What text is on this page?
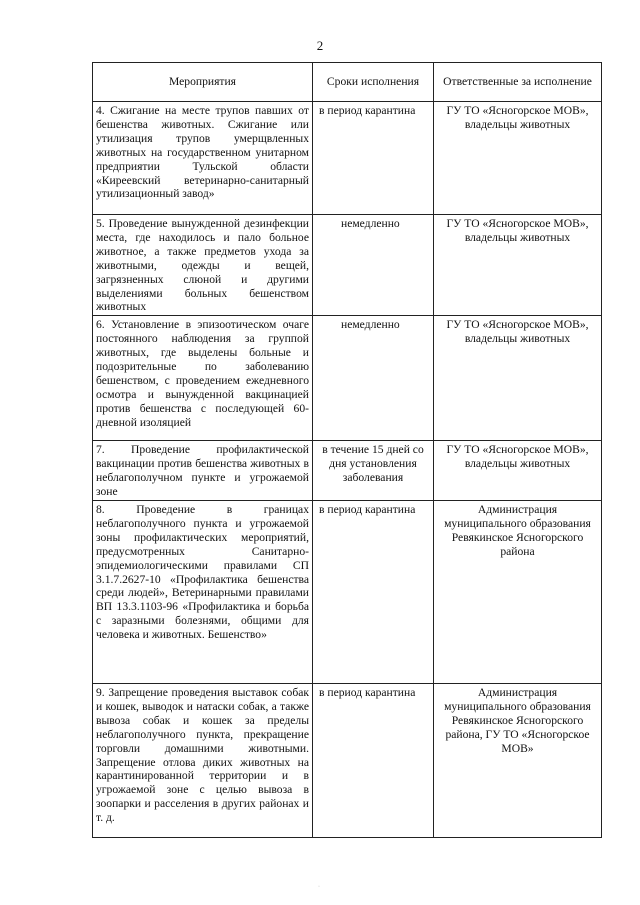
2
Мероприятия	Сроки исполнения	Ответственные за исполнение
4. Сжигание на месте трупов павших от бешенства животных. Сжигание или утилизация трупов умерщвленных животных на государственном унитарном предприятии Тульской области «Киреевский ветеринарно-санитарный утилизационный завод»	в период карантина	ГУ ТО «Ясногорское МОВ», владельцы животных
5. Проведение вынужденной дезинфекции места, где находилось и пало больное животное, а также предметов ухода за животными, одежды и вещей, загрязненных слюной и другими выделениями больных бешенством животных	немедленно	ГУ ТО «Ясногорское МОВ», владельцы животных
6. Установление в эпизоотическом очаге постоянного наблюдения за группой животных, где выделены больные и подозрительные по заболеванию бешенством, с проведением ежедневного осмотра и вынужденной вакцинацией против бешенства с последующей 60-дневной изоляцией	немедленно	ГУ ТО «Ясногорское МОВ», владельцы животных
7. Проведение профилактической вакцинации против бешенства животных в неблагополучном пункте и угрожаемой зоне	в течение 15 дней со дня установления заболевания	ГУ ТО «Ясногорское МОВ», владельцы животных
8. Проведение в границах неблагополучного пункта и угрожаемой зоны профилактических мероприятий, предусмотренных Санитарно-эпидемиологическими правилами СП 3.1.7.2627-10 «Профилактика бешенства среди людей», Ветеринарными правилами ВП 13.3.1103-96 «Профилактика и борьба с заразными болезнями, общими для человека и животных. Бешенство»	в период карантина	Администрация муниципального образования Ревякинское Ясногорского района
9. Запрещение проведения выставок собак и кошек, выводок и натаски собак, а также вывоза собак и кошек за пределы неблагополучного пункта, прекращение торговли домашними животными. Запрещение отлова диких животных на карантинированной территории и в угрожаемой зоне с целью вывоза в зоопарки и расселения в других районах и т. д.	в период карантина	Администрация муниципального образования Ревякинское Ясногорского района, ГУ ТО «Ясногорское МОВ»
·
